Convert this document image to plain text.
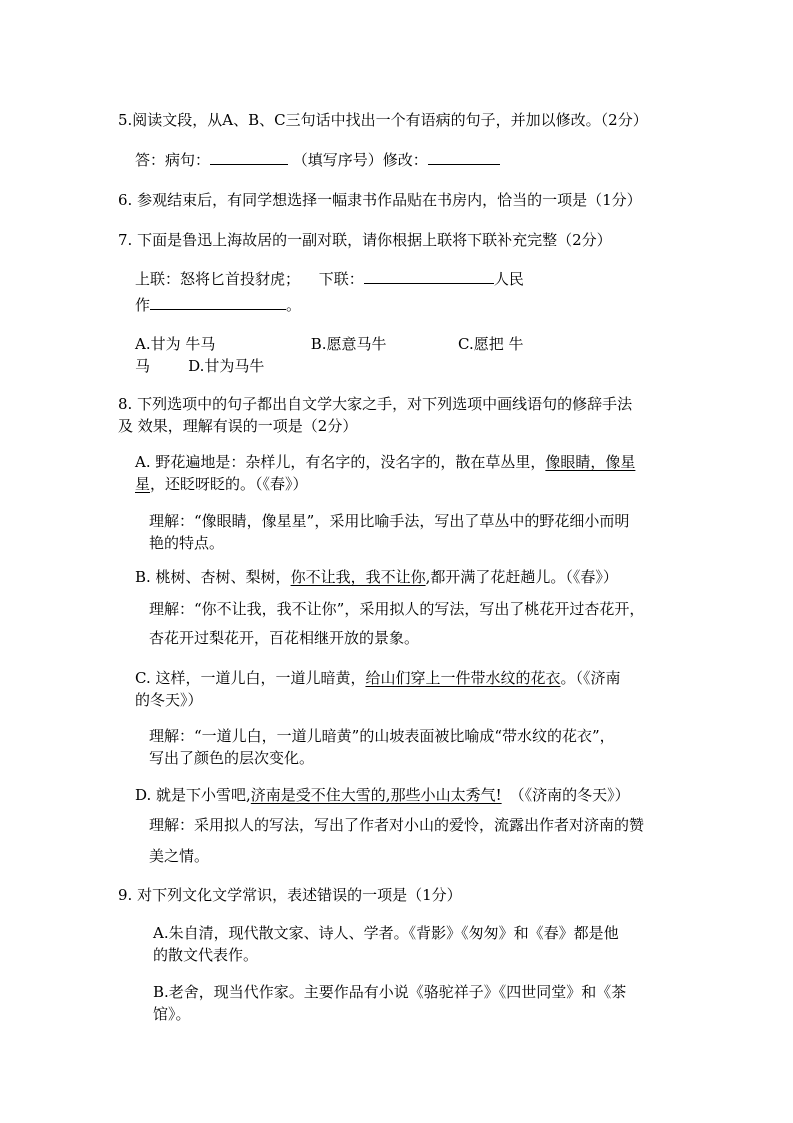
5.阅读文段，从A、B、C三句话中找出一个有语病的句子，并加以修改。（2分）

答：病句：	（填写序号）修改：

6. 参观结束后，有同学想选择一幅隶书作品贴在书房内，恰当的一项是（1分）

7. 下面是鲁迅上海故居的一副对联，请你根据上联将下联补充完整（2分）

上联：怒将匕首投豺虎； 下联：	人民

作	。

A.甘为 牛马                    B.愿意马牛               C.愿把 牛

马        D.甘为马牛

8. 下列选项中的句子都出自文学大家之手，对下列选项中画线语句的修辞手法

及 效果，理解有误的一项是（2分）

A. 野花遍地是：杂样儿，有名字的，没名字的，散在草丛里，像眼睛，像星

星，还眨呀眨的。（《春》）

理解：“像眼睛，像星星”，采用比喻手法，写出了草丛中的野花细小而明

艳的特点。

B. 桃树、杏树、梨树，你不让我，我不让你,都开满了花赶趟儿。（《春》）

理解：“你不让我，我不让你”，采用拟人的写法，写出了桃花开过杏花开，

杏花开过梨花开，百花相继开放的景象。

C. 这样，一道儿白，一道儿暗黄，给山们穿上一件带水纹的花衣。（《济南

的冬天》）

理解：“一道儿白，一道儿暗黄”的山坡表面被比喻成“带水纹的花衣”，

写出了颜色的层次变化。

D. 就是下小雪吧,济南是受不住大雪的,那些小山太秀气! （《济南的冬天》）

理解：采用拟人的写法，写出了作者对小山的爱怜，流露出作者对济南的赞

美之情。

9. 对下列文化文学常识，表述错误的一项是（1分）

A.朱自清，现代散文家、诗人、学者。《背影》《匆匆》和《春》都是他

的散文代表作。

B.老舍，现当代作家。主要作品有小说《骆驼祥子》《四世同堂》和《茶

馆》。
